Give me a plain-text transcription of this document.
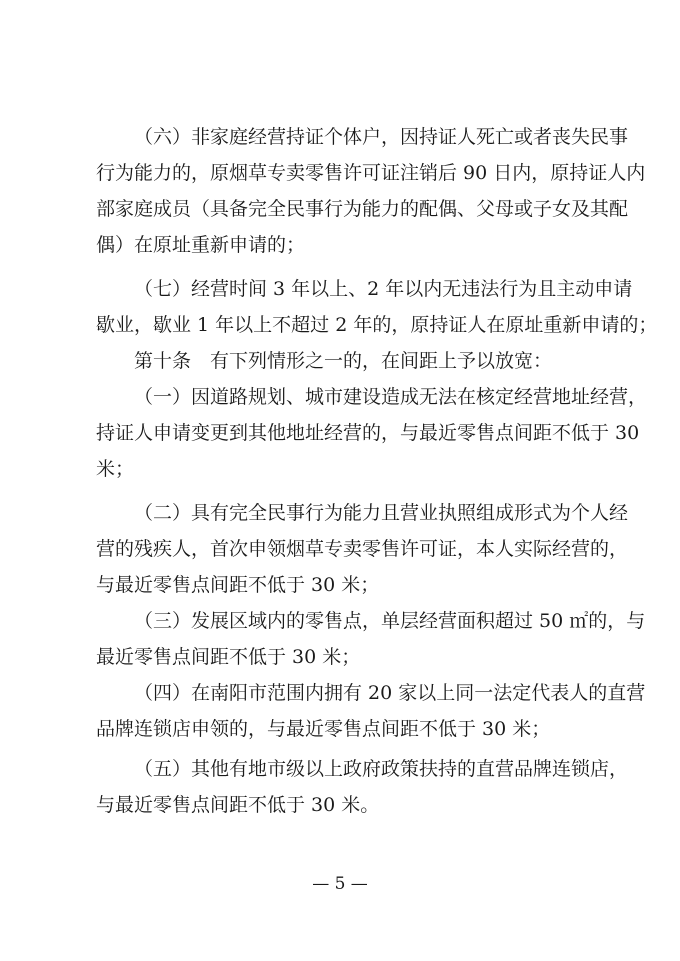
（六）非家庭经营持证个体户，因持证人死亡或者丧失民事
行为能力的，原烟草专卖零售许可证注销后 90 日内，原持证人内
部家庭成员（具备完全民事行为能力的配偶、父母或子女及其配
偶）在原址重新申请的；
（七）经营时间 3 年以上、2 年以内无违法行为且主动申请
歇业，歇业 1 年以上不超过 2 年的，原持证人在原址重新申请的；
第十条　有下列情形之一的，在间距上予以放宽：
（一）因道路规划、城市建设造成无法在核定经营地址经营，
持证人申请变更到其他地址经营的，与最近零售点间距不低于 30
米；
（二）具有完全民事行为能力且营业执照组成形式为个人经
营的残疾人，首次申领烟草专卖零售许可证，本人实际经营的，
与最近零售点间距不低于 30 米；
（三）发展区域内的零售点，单层经营面积超过 50 ㎡的，与
最近零售点间距不低于 30 米；
（四）在南阳市范围内拥有 20 家以上同一法定代表人的直营
品牌连锁店申领的，与最近零售点间距不低于 30 米；
（五）其他有地市级以上政府政策扶持的直营品牌连锁店，
与最近零售点间距不低于 30 米。
— 5 —
